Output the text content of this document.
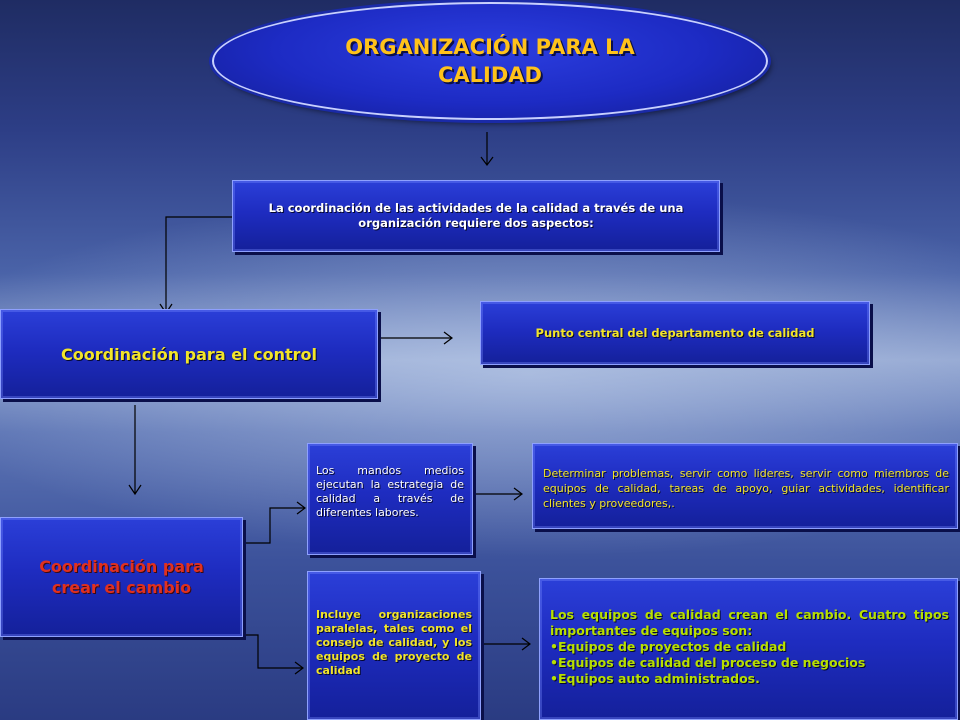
ORGANIZACIÓN PARA LA CALIDAD
La coordinación de las actividades de la calidad a través de una organización requiere dos aspectos:
Coordinación para el control
Punto central del departamento de calidad
Coordinación para crear el cambio
Los mandos medios ejecutan la estrategia de calidad a través de diferentes labores.
Determinar problemas, servir como lideres, servir como miembros de equipos de calidad, tareas de apoyo, guiar actividades, identificar clientes y proveedores,.
Incluye organizaciones paralelas, tales como el consejo de calidad, y los equipos de proyecto de calidad
Los equipos de calidad crean el cambio. Cuatro tipos importantes de equipos son:
•Equipos de proyectos de calidad
•Equipos de calidad del proceso de negocios
•Equipos auto administrados.
